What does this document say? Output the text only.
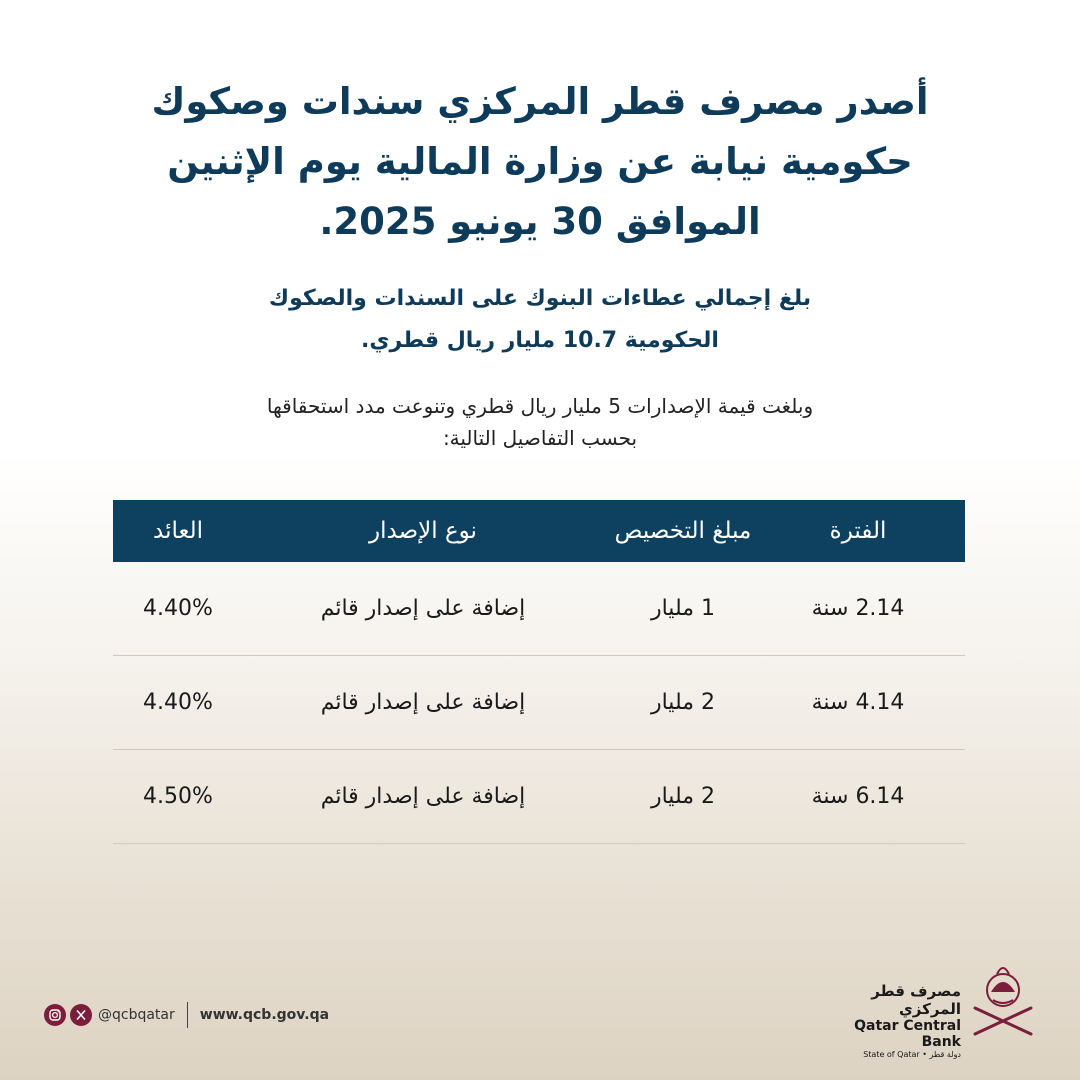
أصدر مصرف قطر المركزي سندات وصكوك
حكومية نيابة عن وزارة المالية يوم الإثنين
الموافق 30 يونيو 2025.
بلغ إجمالي عطاءات البنوك على السندات والصكوك
الحكومية 10.7 مليار ريال قطري.
وبلغت قيمة الإصدارات 5 مليار ريال قطري وتنوعت مدد استحقاقها
بحسب التفاصيل التالية:
الفترة
مبلغ التخصيص
نوع الإصدار
العائد
2.14 سنة
1 مليار
إضافة على إصدار قائم
4.40%
4.14 سنة
2 مليار
إضافة على إصدار قائم
4.40%
6.14 سنة
2 مليار
إضافة على إصدار قائم
4.50%
@qcbqatar www.qcb.gov.qa
مصرف قطر المركزي
Qatar Central Bank
State of Qatar • دولة قطر
